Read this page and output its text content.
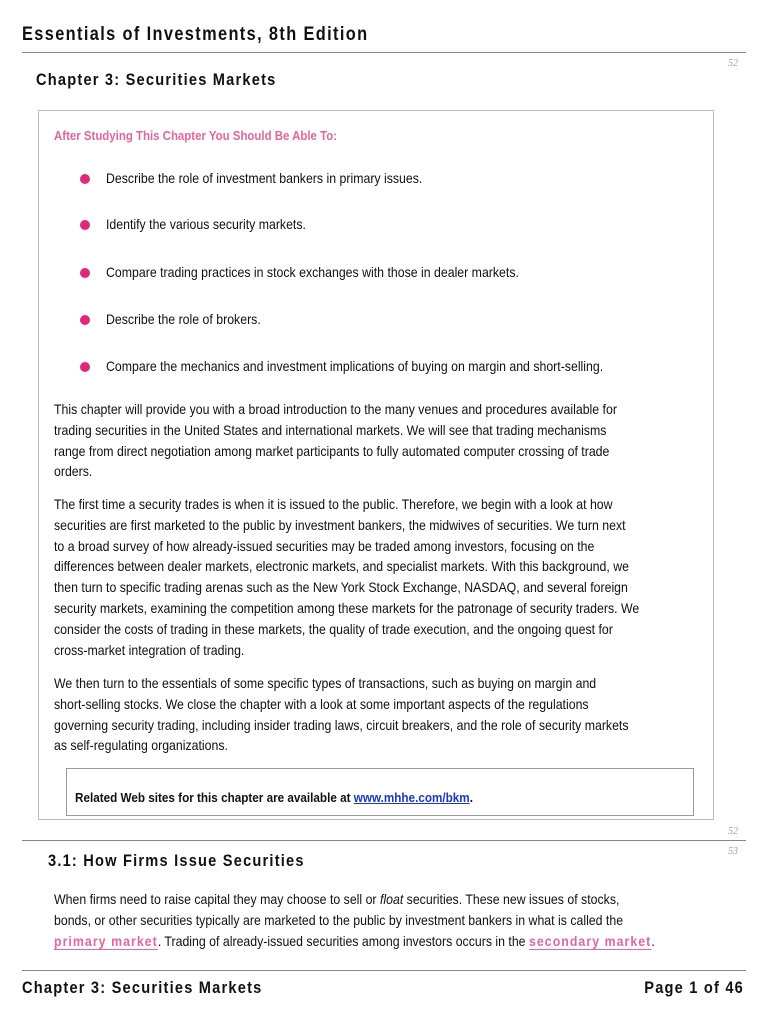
Essentials of Investments, 8th Edition
52
Chapter 3: Securities Markets
After Studying This Chapter You Should Be Able To:
Describe the role of investment bankers in primary issues.
Identify the various security markets.
Compare trading practices in stock exchanges with those in dealer markets.
Describe the role of brokers.
Compare the mechanics and investment implications of buying on margin and short-selling.
This chapter will provide you with a broad introduction to the many venues and procedures available for
trading securities in the United States and international markets. We will see that trading mechanisms
range from direct negotiation among market participants to fully automated computer crossing of trade
orders.
The first time a security trades is when it is issued to the public. Therefore, we begin with a look at how
securities are first marketed to the public by investment bankers, the midwives of securities. We turn next
to a broad survey of how already-issued securities may be traded among investors, focusing on the
differences between dealer markets, electronic markets, and specialist markets. With this background, we
then turn to specific trading arenas such as the New York Stock Exchange, NASDAQ, and several foreign
security markets, examining the competition among these markets for the patronage of security traders. We
consider the costs of trading in these markets, the quality of trade execution, and the ongoing quest for
cross-market integration of trading.
We then turn to the essentials of some specific types of transactions, such as buying on margin and
short-selling stocks. We close the chapter with a look at some important aspects of the regulations
governing security trading, including insider trading laws, circuit breakers, and the role of security markets
as self-regulating organizations.
Related Web sites for this chapter are available at www.mhhe.com/bkm.
52
53
3.1: How Firms Issue Securities
When firms need to raise capital they may choose to sell or float securities. These new issues of stocks,
bonds, or other securities typically are marketed to the public by investment bankers in what is called the
primary market. Trading of already-issued securities among investors occurs in the secondary market.
Chapter 3: Securities Markets	Page 1 of 46
